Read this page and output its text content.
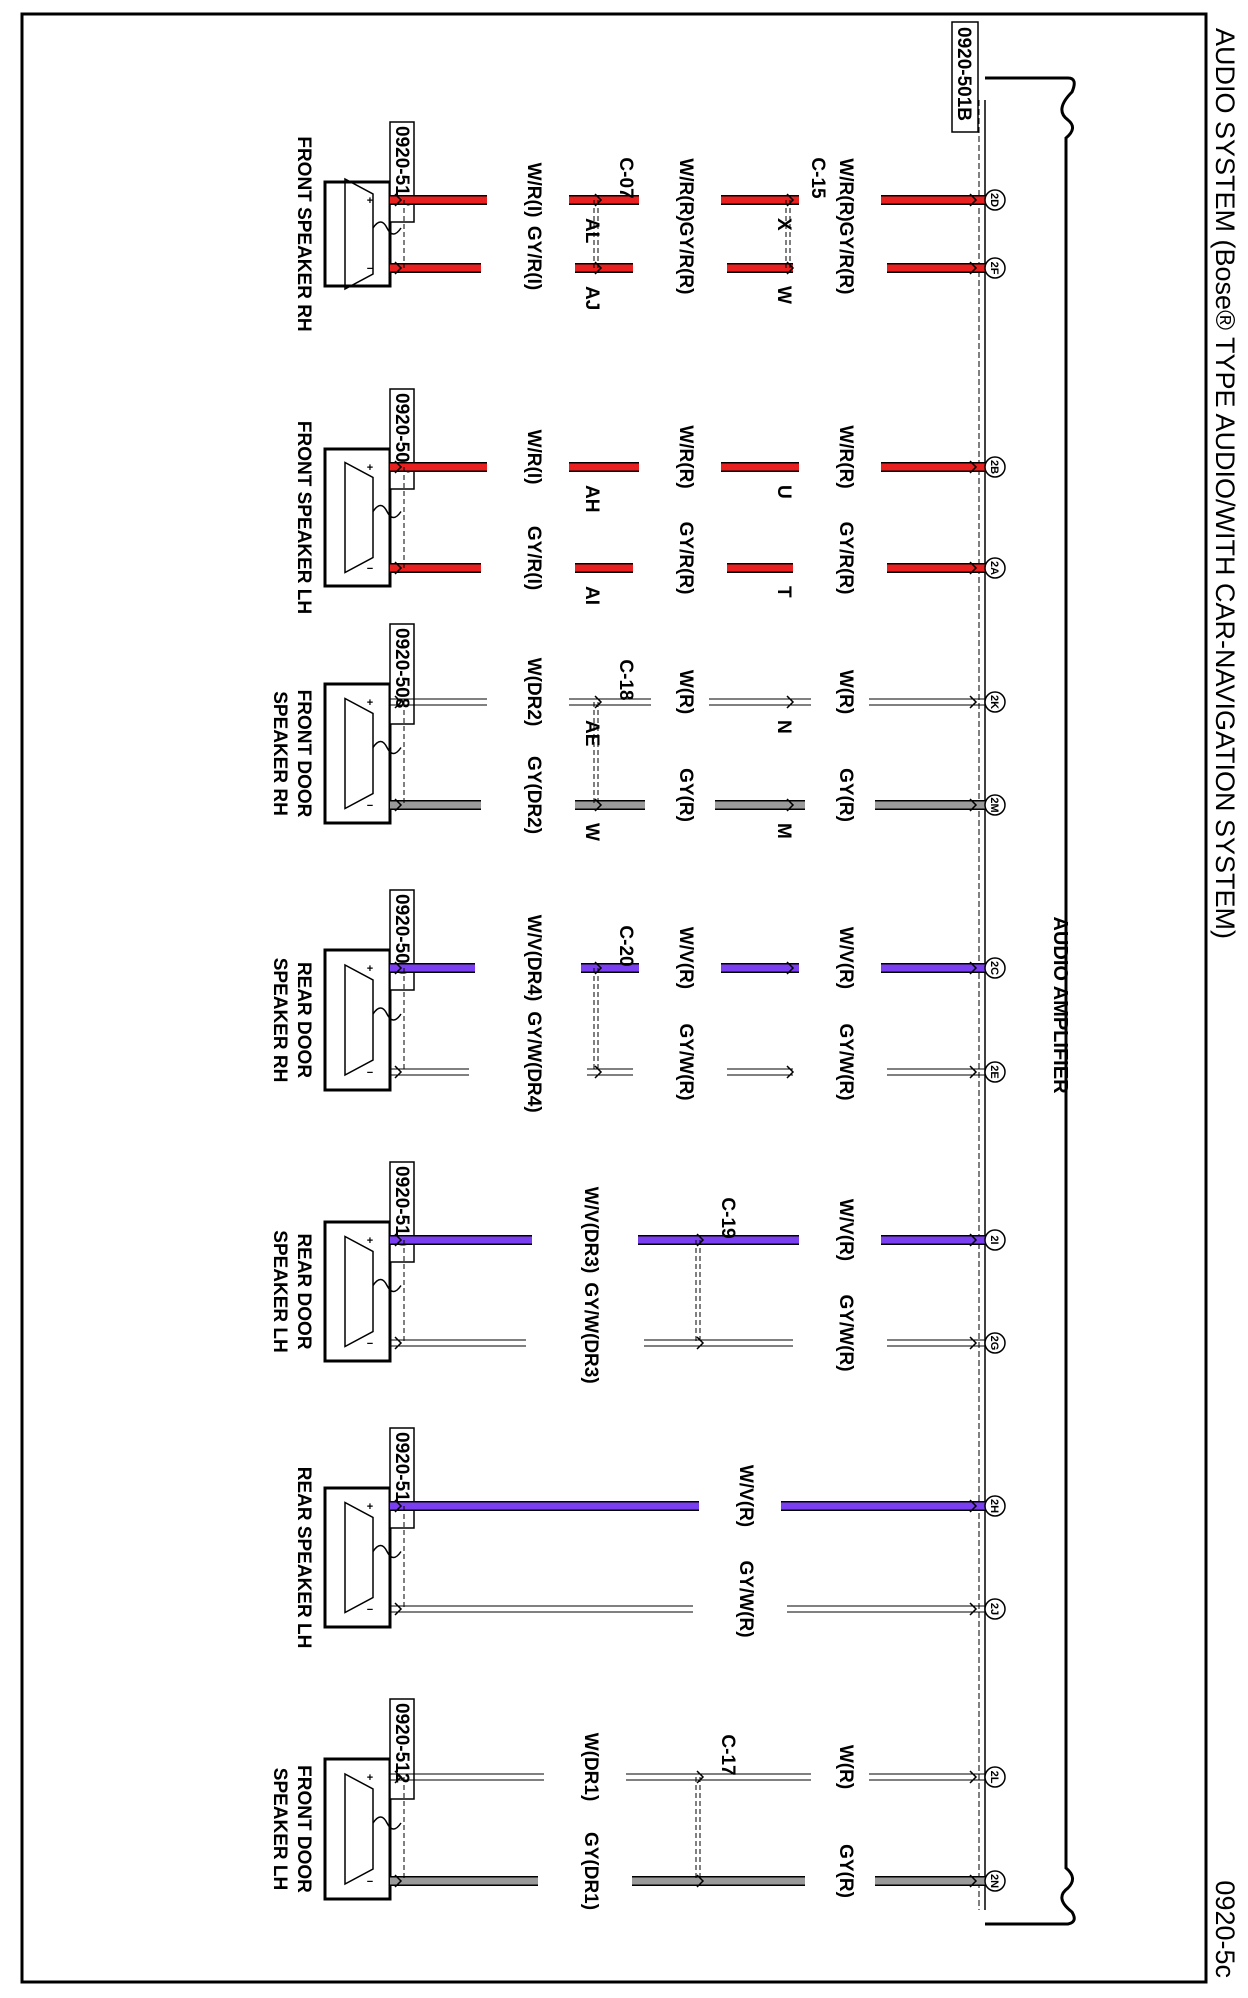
AUDIO SYSTEM (Bose® TYPE AUDIO/WITH CAR-NAVIGATION SYSTEM)
0920-5c
AUDIO AMPLIFIER
0920-501B
+
−
FRONT SPEAKER RH	0920-517	2D
W/R(R)
W/R(R)
W/R(I)
X
AL
2F
GY/R(R)
GY/R(R)
GY/R(I)
W
AJ
C-15
C-07
+
−
FRONT SPEAKER LH	0920-507	2B
W/R(R)
W/R(R)
W/R(I)
U
AH
2A
GY/R(R)
GY/R(R)
GY/R(I)
T
AI
+
−
FRONT DOOR
SPEAKER RH
0920-508	2K
W(R)
W(R)
W(DR2)
N
AE
2M
GY(R)
GY(R)
GY(DR2)	M
W
C-18
+
−
REAR DOOR
SPEAKER RH
0920-509	2C
W/V(R)
W/V(R)
W/V(DR4)
2E
GY/W(R)
GY/W(R)
GY/W(DR4)
C-20
+
−
REAR DOOR
SPEAKER LH
0920-510	2I
W/V(R)
W/V(DR3)
2G
GY/W(R)
GY/W(DR3)
C-19
+
−
REAR SPEAKER LH	0920-511	2H
W/V(R)
2J
GY/W(R)
+
−
FRONT DOOR
SPEAKER LH
0920-512	2L
W(R)
W(DR1)
2N
GY(R)
GY(DR1)
C-17
